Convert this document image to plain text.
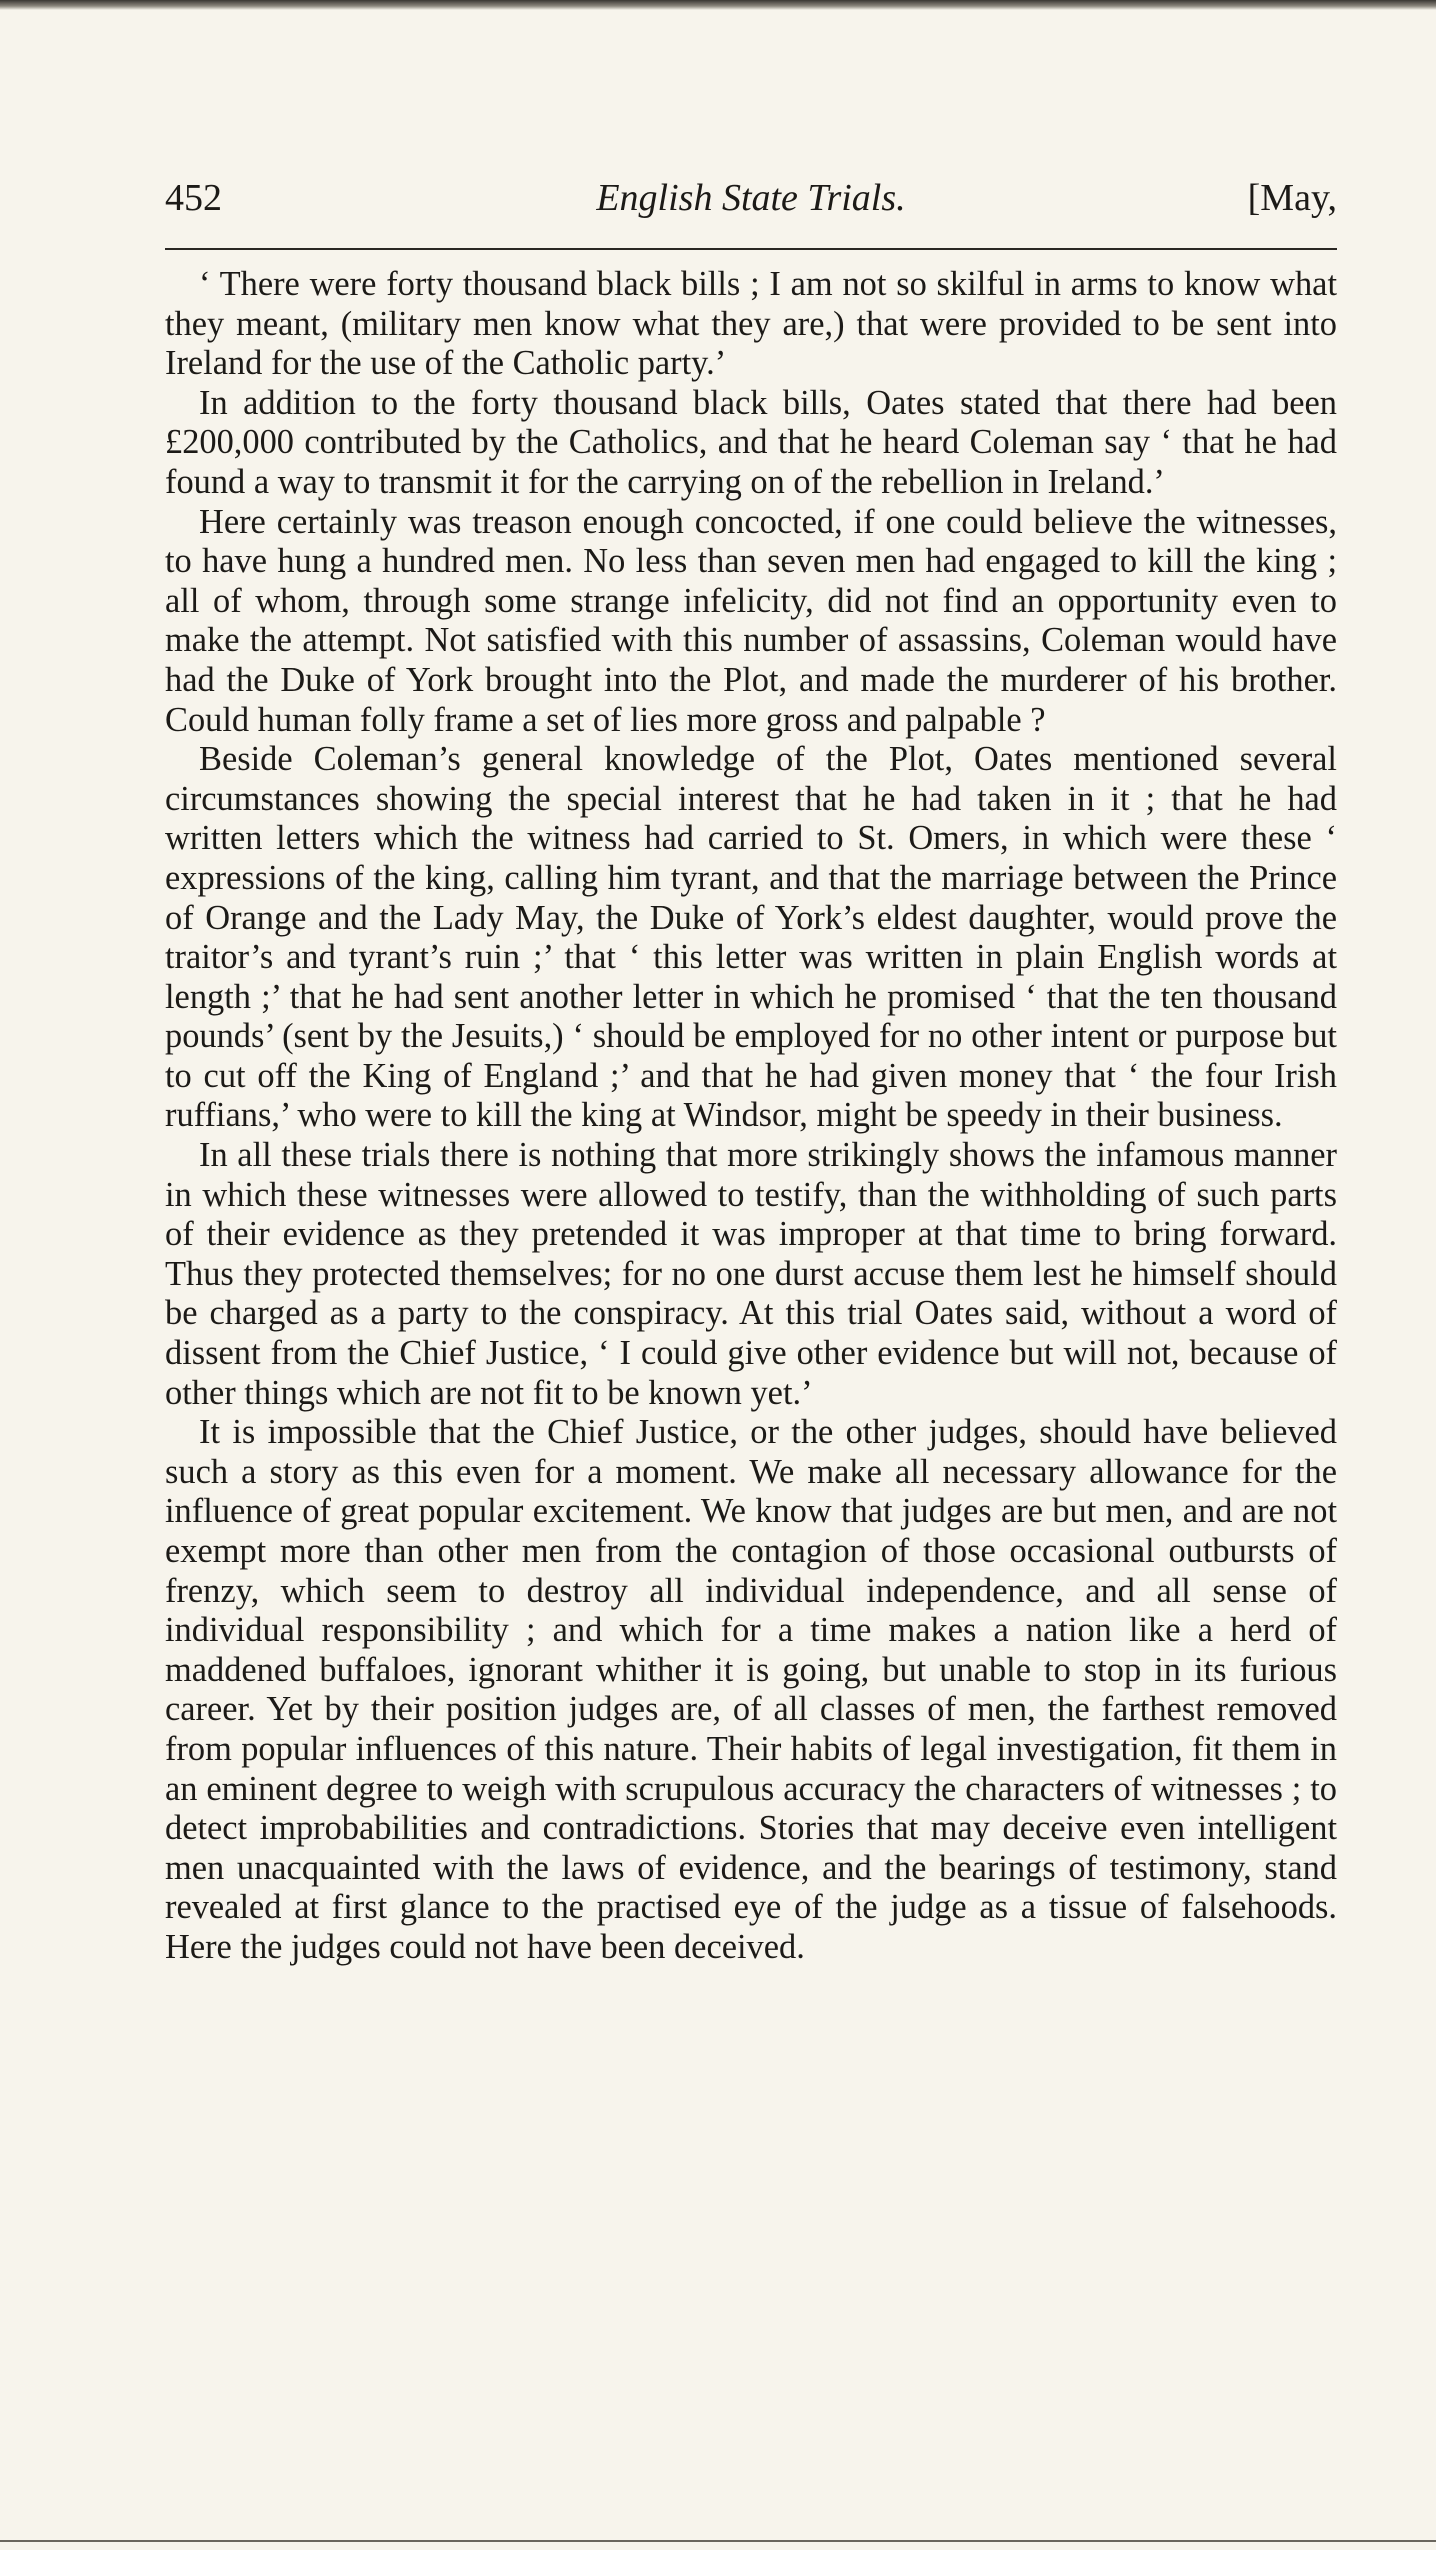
452	English State Trials.	[May,

‘ There were forty thousand black bills ; I am not so skilful in arms to know what they meant, (military men know what they are,) that were provided to be sent into Ireland for the use of the Catholic party.’

In addition to the forty thousand black bills, Oates stated that there had been £200,000 contributed by the Catholics, and that he heard Coleman say ‘ that he had found a way to transmit it for the carrying on of the rebellion in Ireland.’

Here certainly was treason enough concocted, if one could believe the witnesses, to have hung a hundred men. No less than seven men had engaged to kill the king ; all of whom, through some strange infelicity, did not find an opportunity even to make the attempt. Not satisfied with this number of assassins, Coleman would have had the Duke of York brought into the Plot, and made the murderer of his brother. Could human folly frame a set of lies more gross and palpable ?

Beside Coleman’s general knowledge of the Plot, Oates mentioned several circumstances showing the special interest that he had taken in it ; that he had written letters which the witness had carried to St. Omers, in which were these ‘ expressions of the king, calling him tyrant, and that the marriage between the Prince of Orange and the Lady May, the Duke of York’s eldest daughter, would prove the traitor’s and tyrant’s ruin ;’ that ‘ this letter was written in plain English words at length ;’ that he had sent another letter in which he promised ‘ that the ten thousand pounds’ (sent by the Jesuits,) ‘ should be employed for no other intent or purpose but to cut off the King of England ;’ and that he had given money that ‘ the four Irish ruffians,’ who were to kill the king at Windsor, might be speedy in their business.

In all these trials there is nothing that more strikingly shows the infamous manner in which these witnesses were allowed to testify, than the withholding of such parts of their evidence as they pretended it was improper at that time to bring forward. Thus they protected themselves; for no one durst accuse them lest he himself should be charged as a party to the conspiracy. At this trial Oates said, without a word of dissent from the Chief Justice, ‘ I could give other evidence but will not, because of other things which are not fit to be known yet.’

It is impossible that the Chief Justice, or the other judges, should have believed such a story as this even for a moment. We make all necessary allowance for the influence of great popular excitement. We know that judges are but men, and are not exempt more than other men from the contagion of those occasional outbursts of frenzy, which seem to destroy all individual independence, and all sense of individual responsibility ; and which for a time makes a nation like a herd of maddened buffaloes, ignorant whither it is going, but unable to stop in its furious career. Yet by their position judges are, of all classes of men, the farthest removed from popular influences of this nature. Their habits of legal investigation, fit them in an eminent degree to weigh with scrupulous accuracy the characters of witnesses ; to detect improbabilities and contradictions. Stories that may deceive even intelligent men unacquainted with the laws of evidence, and the bearings of testimony, stand revealed at first glance to the practised eye of the judge as a tissue of falsehoods. Here the judges could not have been deceived.
